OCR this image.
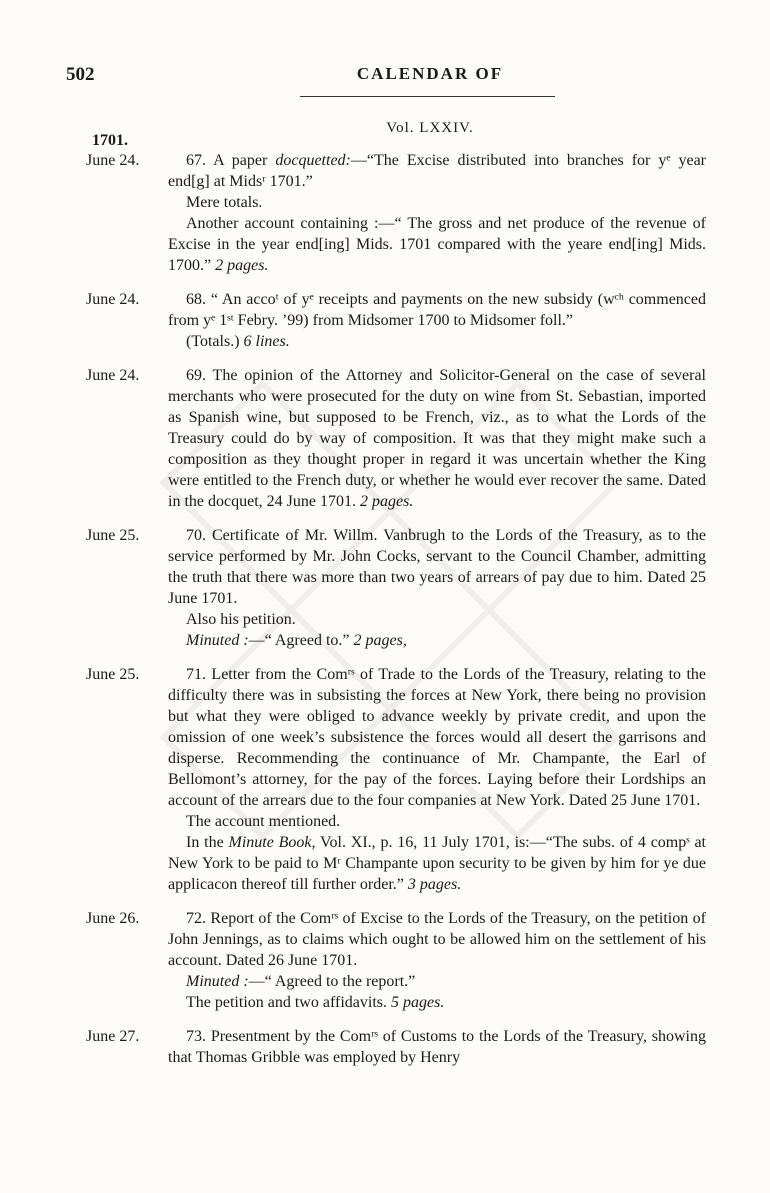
502	CALENDAR OF
Vol. LXXIV.
1701.
June 24.	67. A paper docquetted:—“The Excise distributed into branches for yᵉ year end[g] at Midsʳ 1701.”

Mere totals.

Another account containing :—“ The gross and net produce of the revenue of Excise in the year end[ing] Mids. 1701 compared with the yeare end[ing] Mids. 1700.” 2 pages.

June 24.	68. “ An accoᵗ of yᵉ receipts and payments on the new subsidy (wᶜʰ commenced from yᵉ 1ˢᵗ Febry. ’99) from Midsomer 1700 to Midsomer foll.”

(Totals.) 6 lines.

June 24.	69. The opinion of the Attorney and Solicitor-General on the case of several merchants who were prosecuted for the duty on wine from St. Sebastian, imported as Spanish wine, but supposed to be French, viz., as to what the Lords of the Treasury could do by way of composition. It was that they might make such a composition as they thought proper in regard it was uncertain whether the King were entitled to the French duty, or whether he would ever recover the same. Dated in the docquet, 24 June 1701. 2 pages.
June 25.	70. Certificate of Mr. Willm. Vanbrugh to the Lords of the Treasury, as to the service performed by Mr. John Cocks, servant to the Council Chamber, admitting the truth that there was more than two years of arrears of pay due to him. Dated 25 June 1701.

Also his petition.

Minuted :—“ Agreed to.” 2 pages,

June 25.	71. Letter from the Comʳˢ of Trade to the Lords of the Treasury, relating to the difficulty there was in subsisting the forces at New York, there being no provision but what they were obliged to advance weekly by private credit, and upon the omission of one week’s subsistence the forces would all desert the garrisons and disperse. Recommending the continuance of Mr. Champante, the Earl of Bellomont’s attorney, for the pay of the forces. Laying before their Lordships an account of the arrears due to the four companies at New York. Dated 25 June 1701.

The account mentioned.

In the Minute Book, Vol. XI., p. 16, 11 July 1701, is:—“The subs. of 4 compˢ at New York to be paid to Mʳ Champante upon security to be given by him for ye due applicacon thereof till further order.” 3 pages.

June 26.	72. Report of the Comʳˢ of Excise to the Lords of the Treasury, on the petition of John Jennings, as to claims which ought to be allowed him on the settlement of his account. Dated 26 June 1701.

Minuted :—“ Agreed to the report.”

The petition and two affidavits. 5 pages.

June 27.	73. Presentment by the Comʳˢ of Customs to the Lords of the Treasury, showing that Thomas Gribble was employed by Henry
